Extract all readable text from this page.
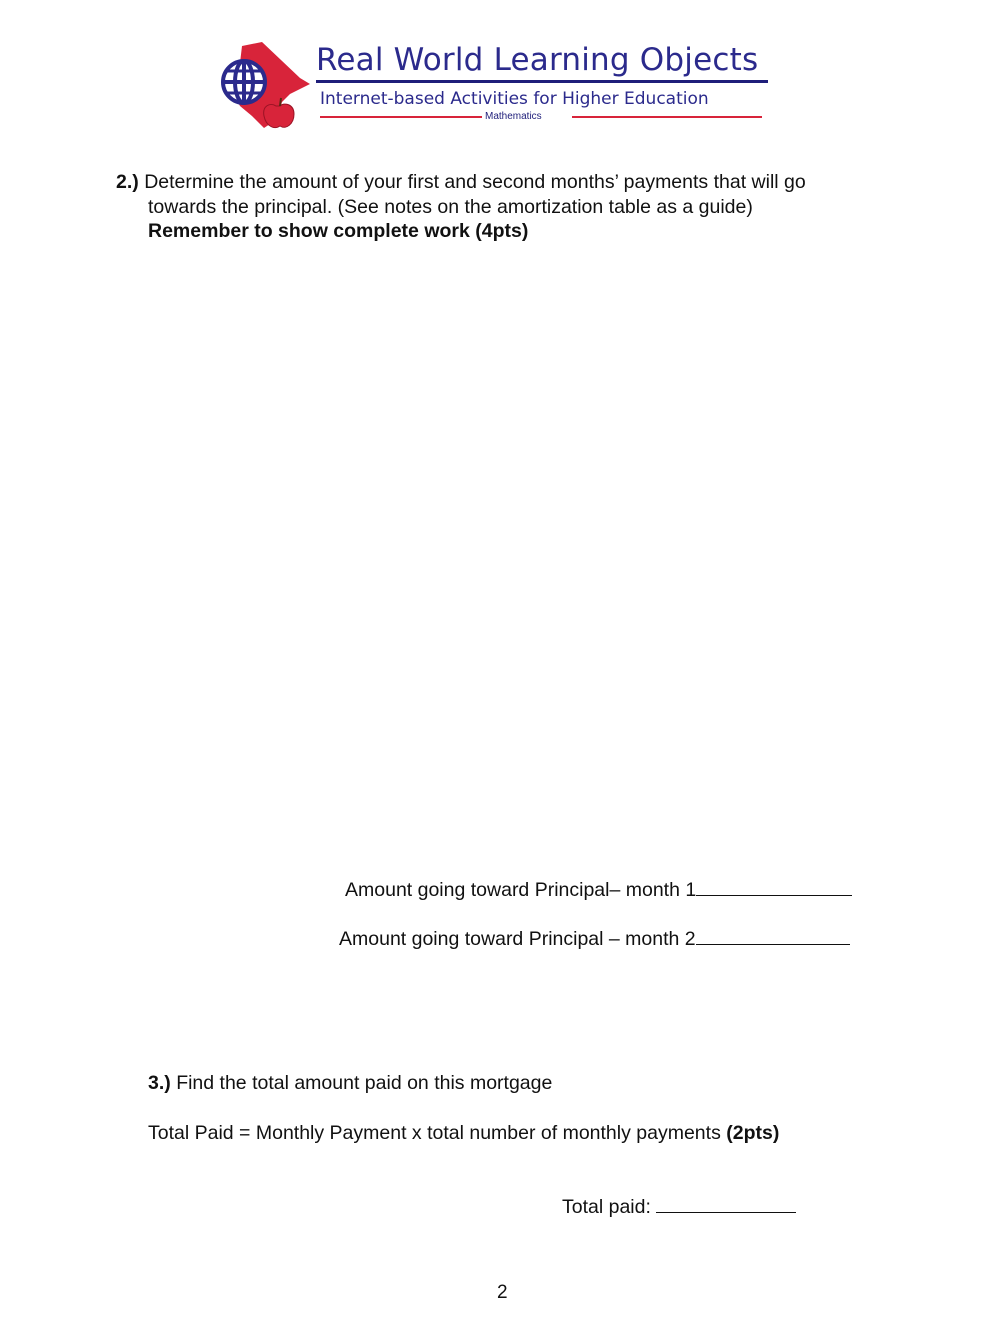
Real World Learning Objects
Internet-based Activities for Higher Education
Mathematics
2.) Determine the amount of your first and second months’ payments that will go
towards the principal. (See notes on the amortization table as a guide)
Remember to show complete work (4pts)
Amount going toward Principal– month 1
Amount going toward Principal – month 2
3.) Find the total amount paid on this mortgage
Total Paid = Monthly Payment x total number of monthly payments (2pts)
Total paid:
2
